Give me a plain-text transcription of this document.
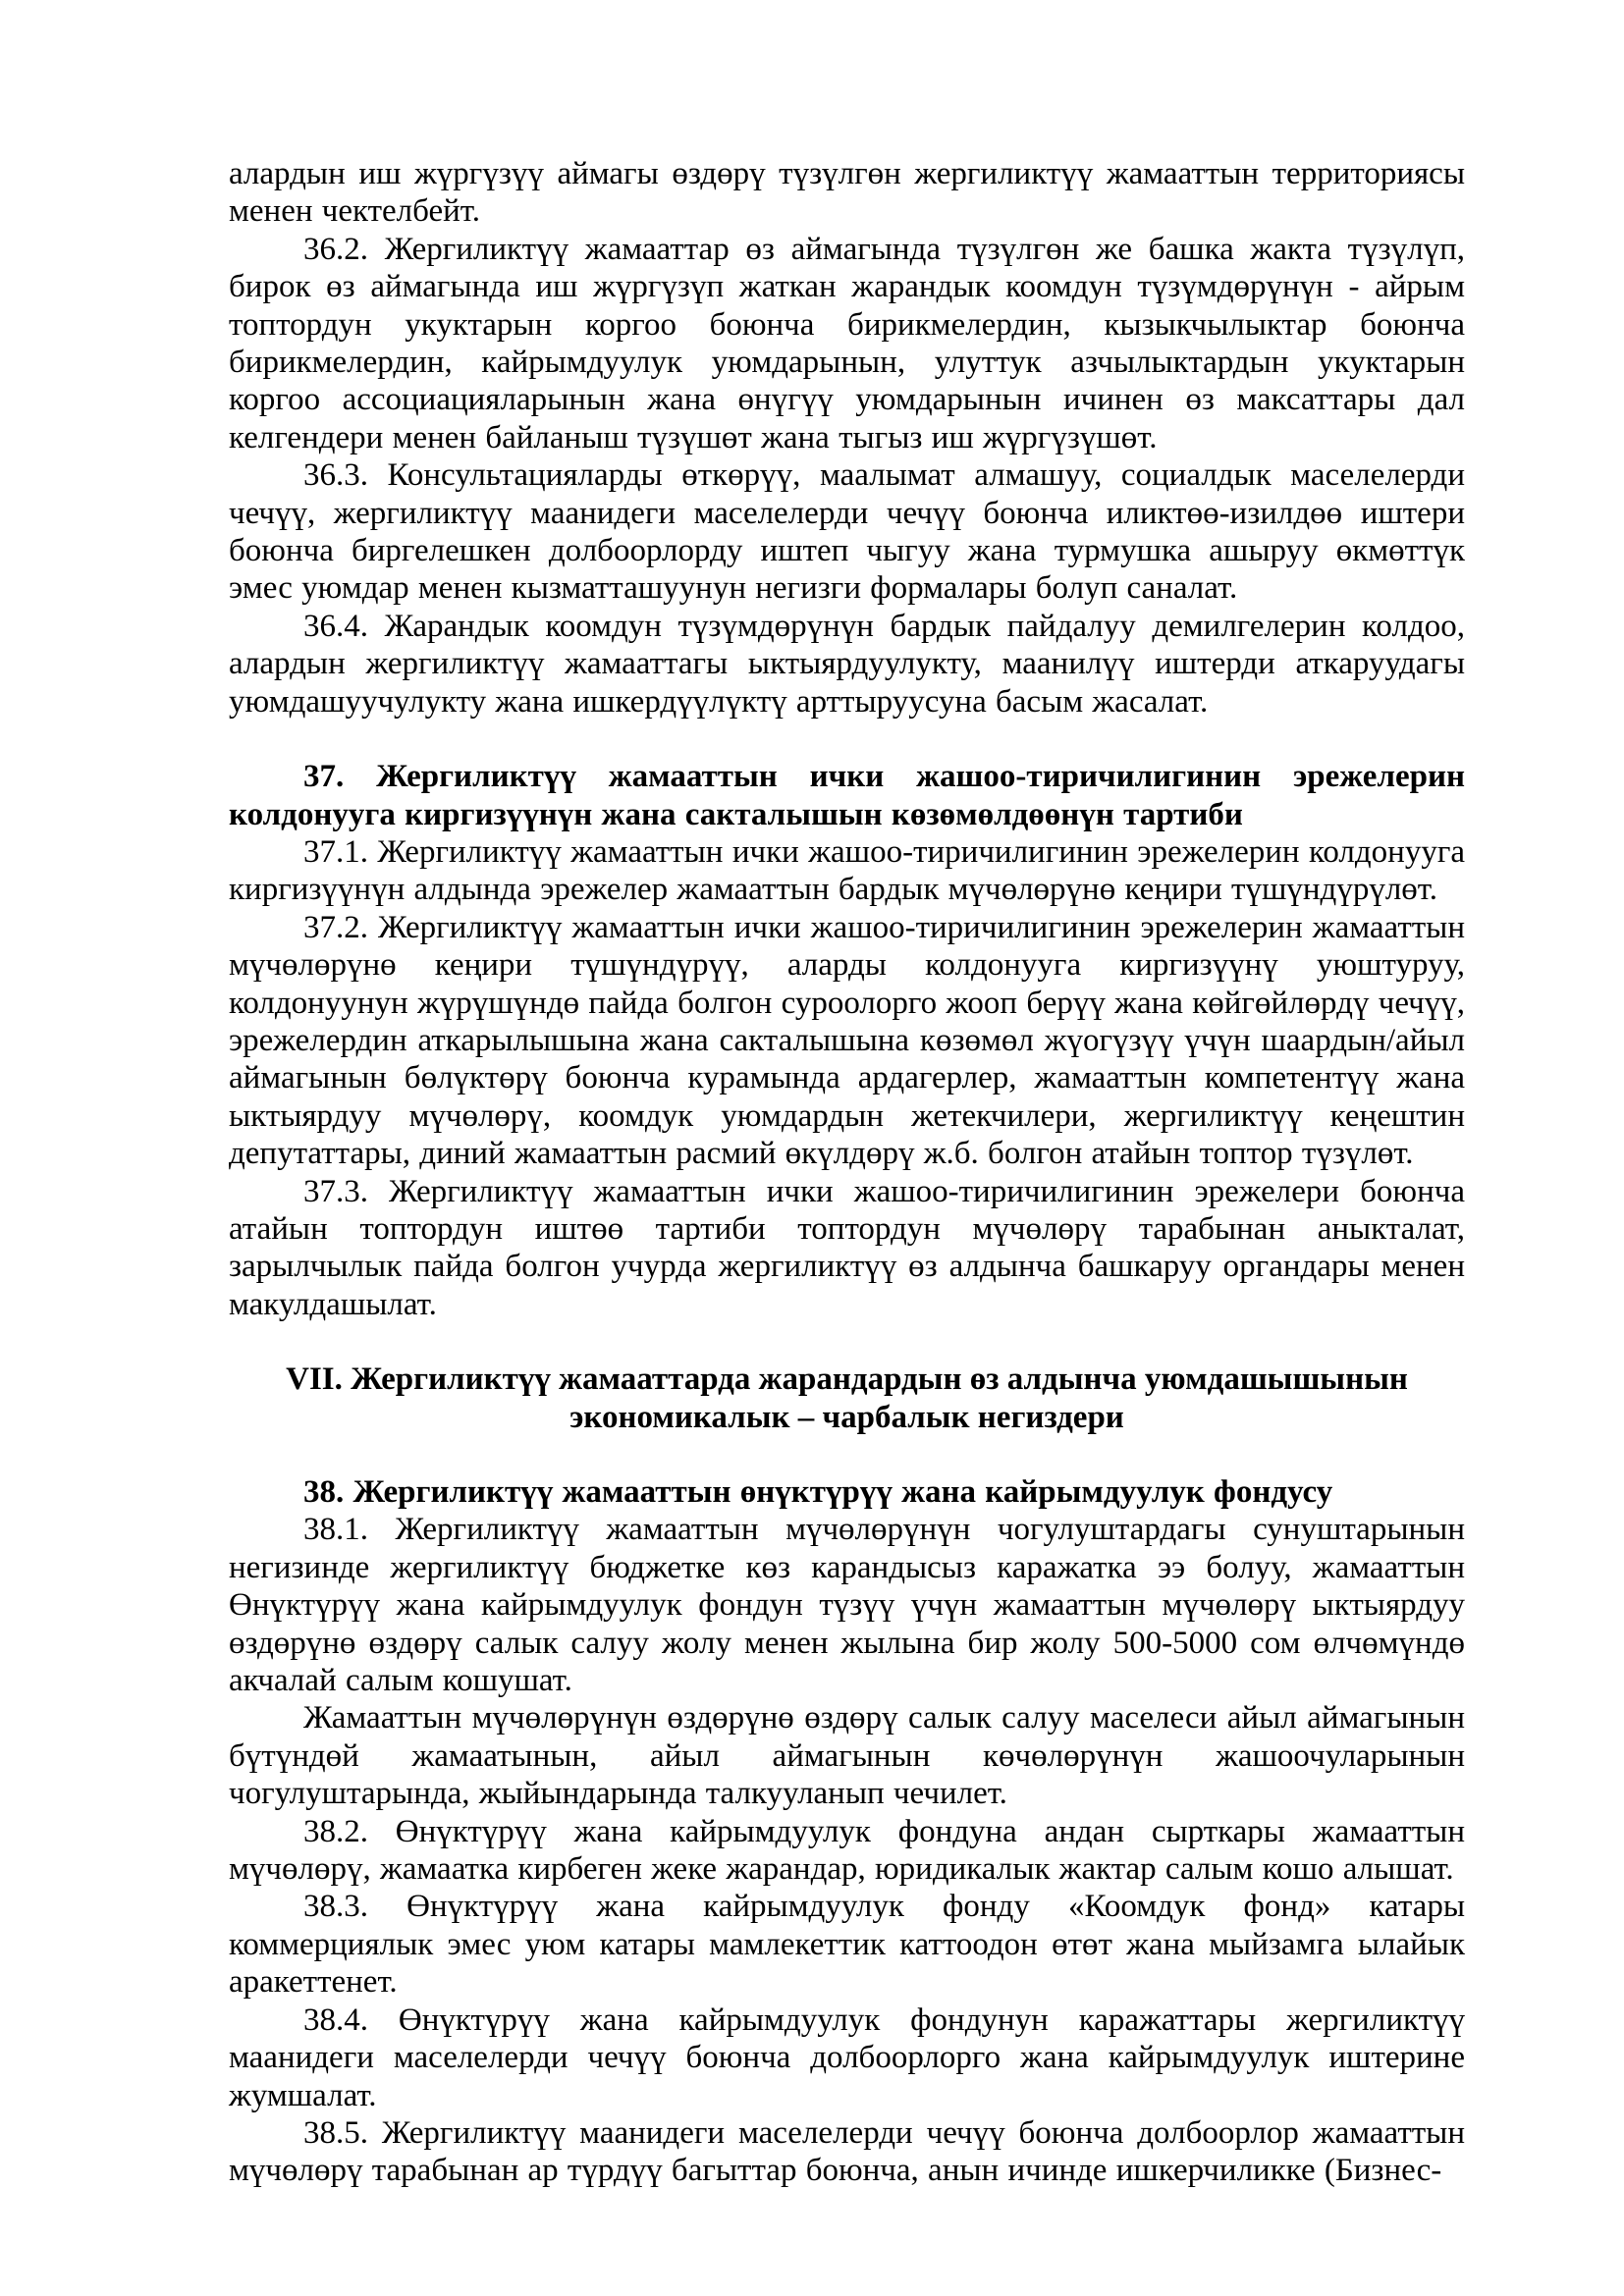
алардын иш жүргүзүү аймагы өздөрү түзүлгөн жергиликтүү жамааттын территориясы менен чектелбейт.

36.2. Жергиликтүү жамааттар өз аймагында түзүлгөн же башка жакта түзүлүп, бирок өз аймагында иш жүргүзүп жаткан жарандык коомдун түзүмдөрүнүн - айрым топтордун укуктарын коргоо боюнча бирикмелердин, кызыкчылыктар боюнча бирикмелердин, кайрымдуулук уюмдарынын, улуттук азчылыктардын укуктарын коргоо ассоциацияларынын жана өнүгүү уюмдарынын ичинен өз максаттары дал келгендери менен байланыш түзүшөт жана тыгыз иш жүргүзүшөт.

36.3. Консультацияларды өткөрүү, маалымат алмашуу, социалдык маселелерди чечүү, жергиликтүү маанидеги маселелерди чечүү боюнча иликтөө-изилдөө иштери боюнча биргелешкен долбоорлорду иштеп чыгуу жана турмушка ашыруу өкмөттүк эмес уюмдар менен кызматташуунун негизги формалары болуп саналат.

36.4. Жарандык коомдун түзүмдөрүнүн бардык пайдалуу демилгелерин колдоо, алардын жергиликтүү жамааттагы ыктыярдуулукту, маанилүү иштерди аткаруудагы уюмдашуучулукту жана ишкердүүлүктү арттыруусуна басым жасалат.

37. Жергиликтүү жамааттын ички жашоо-тиричилигинин эрежелерин колдонууга киргизүүнүн жана сакталышын көзөмөлдөөнүн тартиби

37.1. Жергиликтүү жамааттын ички жашоо-тиричилигинин эрежелерин колдонууга киргизүүнүн алдында эрежелер жамааттын бардык мүчөлөрүнө кеңири түшүндүрүлөт.

37.2. Жергиликтүү жамааттын ички жашоо-тиричилигинин эрежелерин жамааттын мүчөлөрүнө кеңири түшүндүрүү, аларды колдонууга киргизүүнү уюштуруу, колдонуунун жүрүшүндө пайда болгон суроолорго жооп берүү жана көйгөйлөрдү чечүү, эрежелердин аткарылышына жана сакталышына көзөмөл жүогүзүү үчүн шаардын/айыл аймагынын бөлүктөрү боюнча курамында ардагерлер, жамааттын компетентүү жана ыктыярдуу мүчөлөрү, коомдук уюмдардын жетекчилери, жергиликтүү кеңештин депутаттары, диний жамааттын расмий өкүлдөрү ж.б. болгон атайын топтор түзүлөт.

37.3. Жергиликтүү жамааттын ички жашоо-тиричилигинин эрежелери боюнча атайын топтордун иштөө тартиби топтордун мүчөлөрү тарабынан аныкталат, зарылчылык пайда болгон учурда жергиликтүү өз алдынча башкаруу органдары менен макулдашылат.

VII. Жергиликтүү жамааттарда жарандардын өз алдынча уюмдашышынын экономикалык – чарбалык негиздери

38. Жергиликтүү жамааттын өнүктүрүү жана кайрымдуулук фондусу

38.1. Жергиликтүү жамааттын мүчөлөрүнүн чогулуштардагы сунуштарынын негизинде жергиликтүү бюджетке көз карандысыз каражатка ээ болуу, жамааттын Өнүктүрүү жана кайрымдуулук фондун түзүү үчүн жамааттын мүчөлөрү ыктыярдуу өздөрүнө өздөрү салык салуу жолу менен жылына бир жолу 500-5000 сом өлчөмүндө акчалай салым кошушат.

Жамааттын мүчөлөрүнүн өздөрүнө өздөрү салык салуу маселеси айыл аймагынын бүтүндөй жамаатынын, айыл аймагынын көчөлөрүнүн жашоочуларынын чогулуштарында, жыйындарында талкууланып чечилет.

38.2. Өнүктүрүү жана кайрымдуулук фондуна андан сырткары жамааттын мүчөлөрү, жамаатка кирбеген жеке жарандар, юридикалык жактар салым кошо алышат.

38.3. Өнүктүрүү жана кайрымдуулук фонду «Коомдук фонд» катары коммерциялык эмес уюм катары мамлекеттик каттоодон өтөт жана мыйзамга ылайык аракеттенет.

38.4. Өнүктүрүү жана кайрымдуулук фондунун каражаттары жергиликтүү маанидеги маселелерди чечүү боюнча долбоорлорго жана кайрымдуулук иштерине жумшалат.

38.5. Жергиликтүү маанидеги маселелерди чечүү боюнча долбоорлор жамааттын мүчөлөрү тарабынан ар түрдүү багыттар боюнча, анын ичинде ишкерчиликке (Бизнес-
